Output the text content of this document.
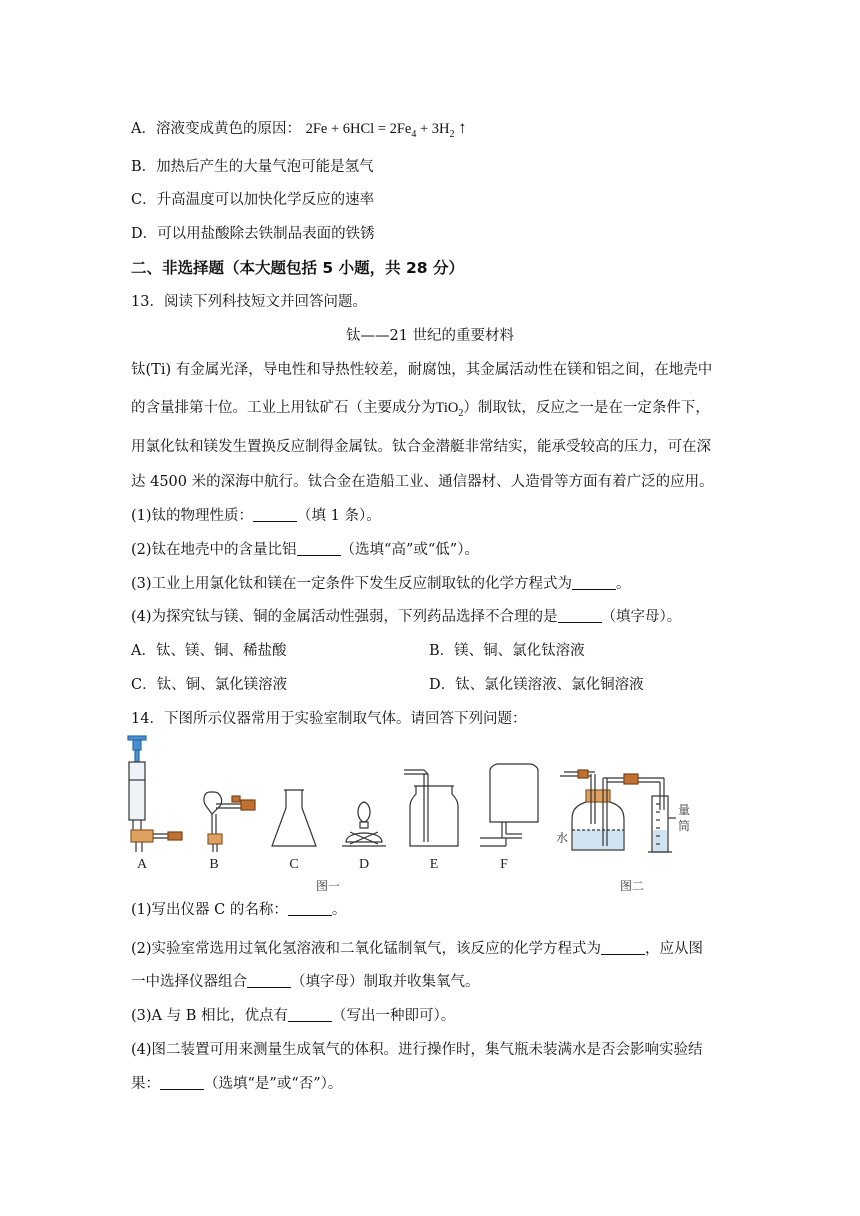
A．溶液变成黄色的原因： $2Fe + 6HCl = 2Fe_4 + 3H_2$ ↑
B．加热后产生的大量气泡可能是氢气
C．升高温度可以加快化学反应的速率
D．可以用盐酸除去铁制品表面的铁锈
二、非选择题（本大题包括 5 小题，共 28 分）
13．阅读下列科技短文并回答问题。
钛——21 世纪的重要材料
钛(Ti) 有金属光泽，导电性和导热性较差，耐腐蚀，其金属活动性在镁和铝之间，在地壳中
的含量排第十位。工业上用钛矿石（主要成分为TiO$_2$）制取钛，反应之一是在一定条件下，
用氯化钛和镁发生置换反应制得金属钛。钛合金潜艇非常结实，能承受较高的压力，可在深
达 4500 米的深海中航行。钛合金在造船工业、通信器材、人造骨等方面有着广泛的应用。
(1)钛的物理性质：	（填 1 条）。
(2)钛在地壳中的含量比铝	（选填“高”或“低”）。
(3)工业上用氯化钛和镁在一定条件下发生反应制取钛的化学方程式为	。
(4)为探究钛与镁、铜的金属活动性强弱，下列药品选择不合理的是	（填字母）。
A．钛、镁、铜、稀盐酸	B．镁、铜、氯化钛溶液
C．钛、铜、氯化镁溶液	D．钛、氯化镁溶液、氯化铜溶液
14．下图所示仪器常用于实验室制取气体。请回答下列问题：
A	B	C	D	E	F
图一	图二
水
量
筒
(1)写出仪器 C 的名称：	。
(2)实验室常选用过氧化氢溶液和二氧化锰制氧气，该反应的化学方程式为	，应从图
一中选择仪器组合	（填字母）制取并收集氧气。
(3)A 与 B 相比，优点有	（写出一种即可）。
(4)图二装置可用来测量生成氧气的体积。进行操作时，集气瓶未装满水是否会影响实验结
果：	（选填“是”或“否”）。
